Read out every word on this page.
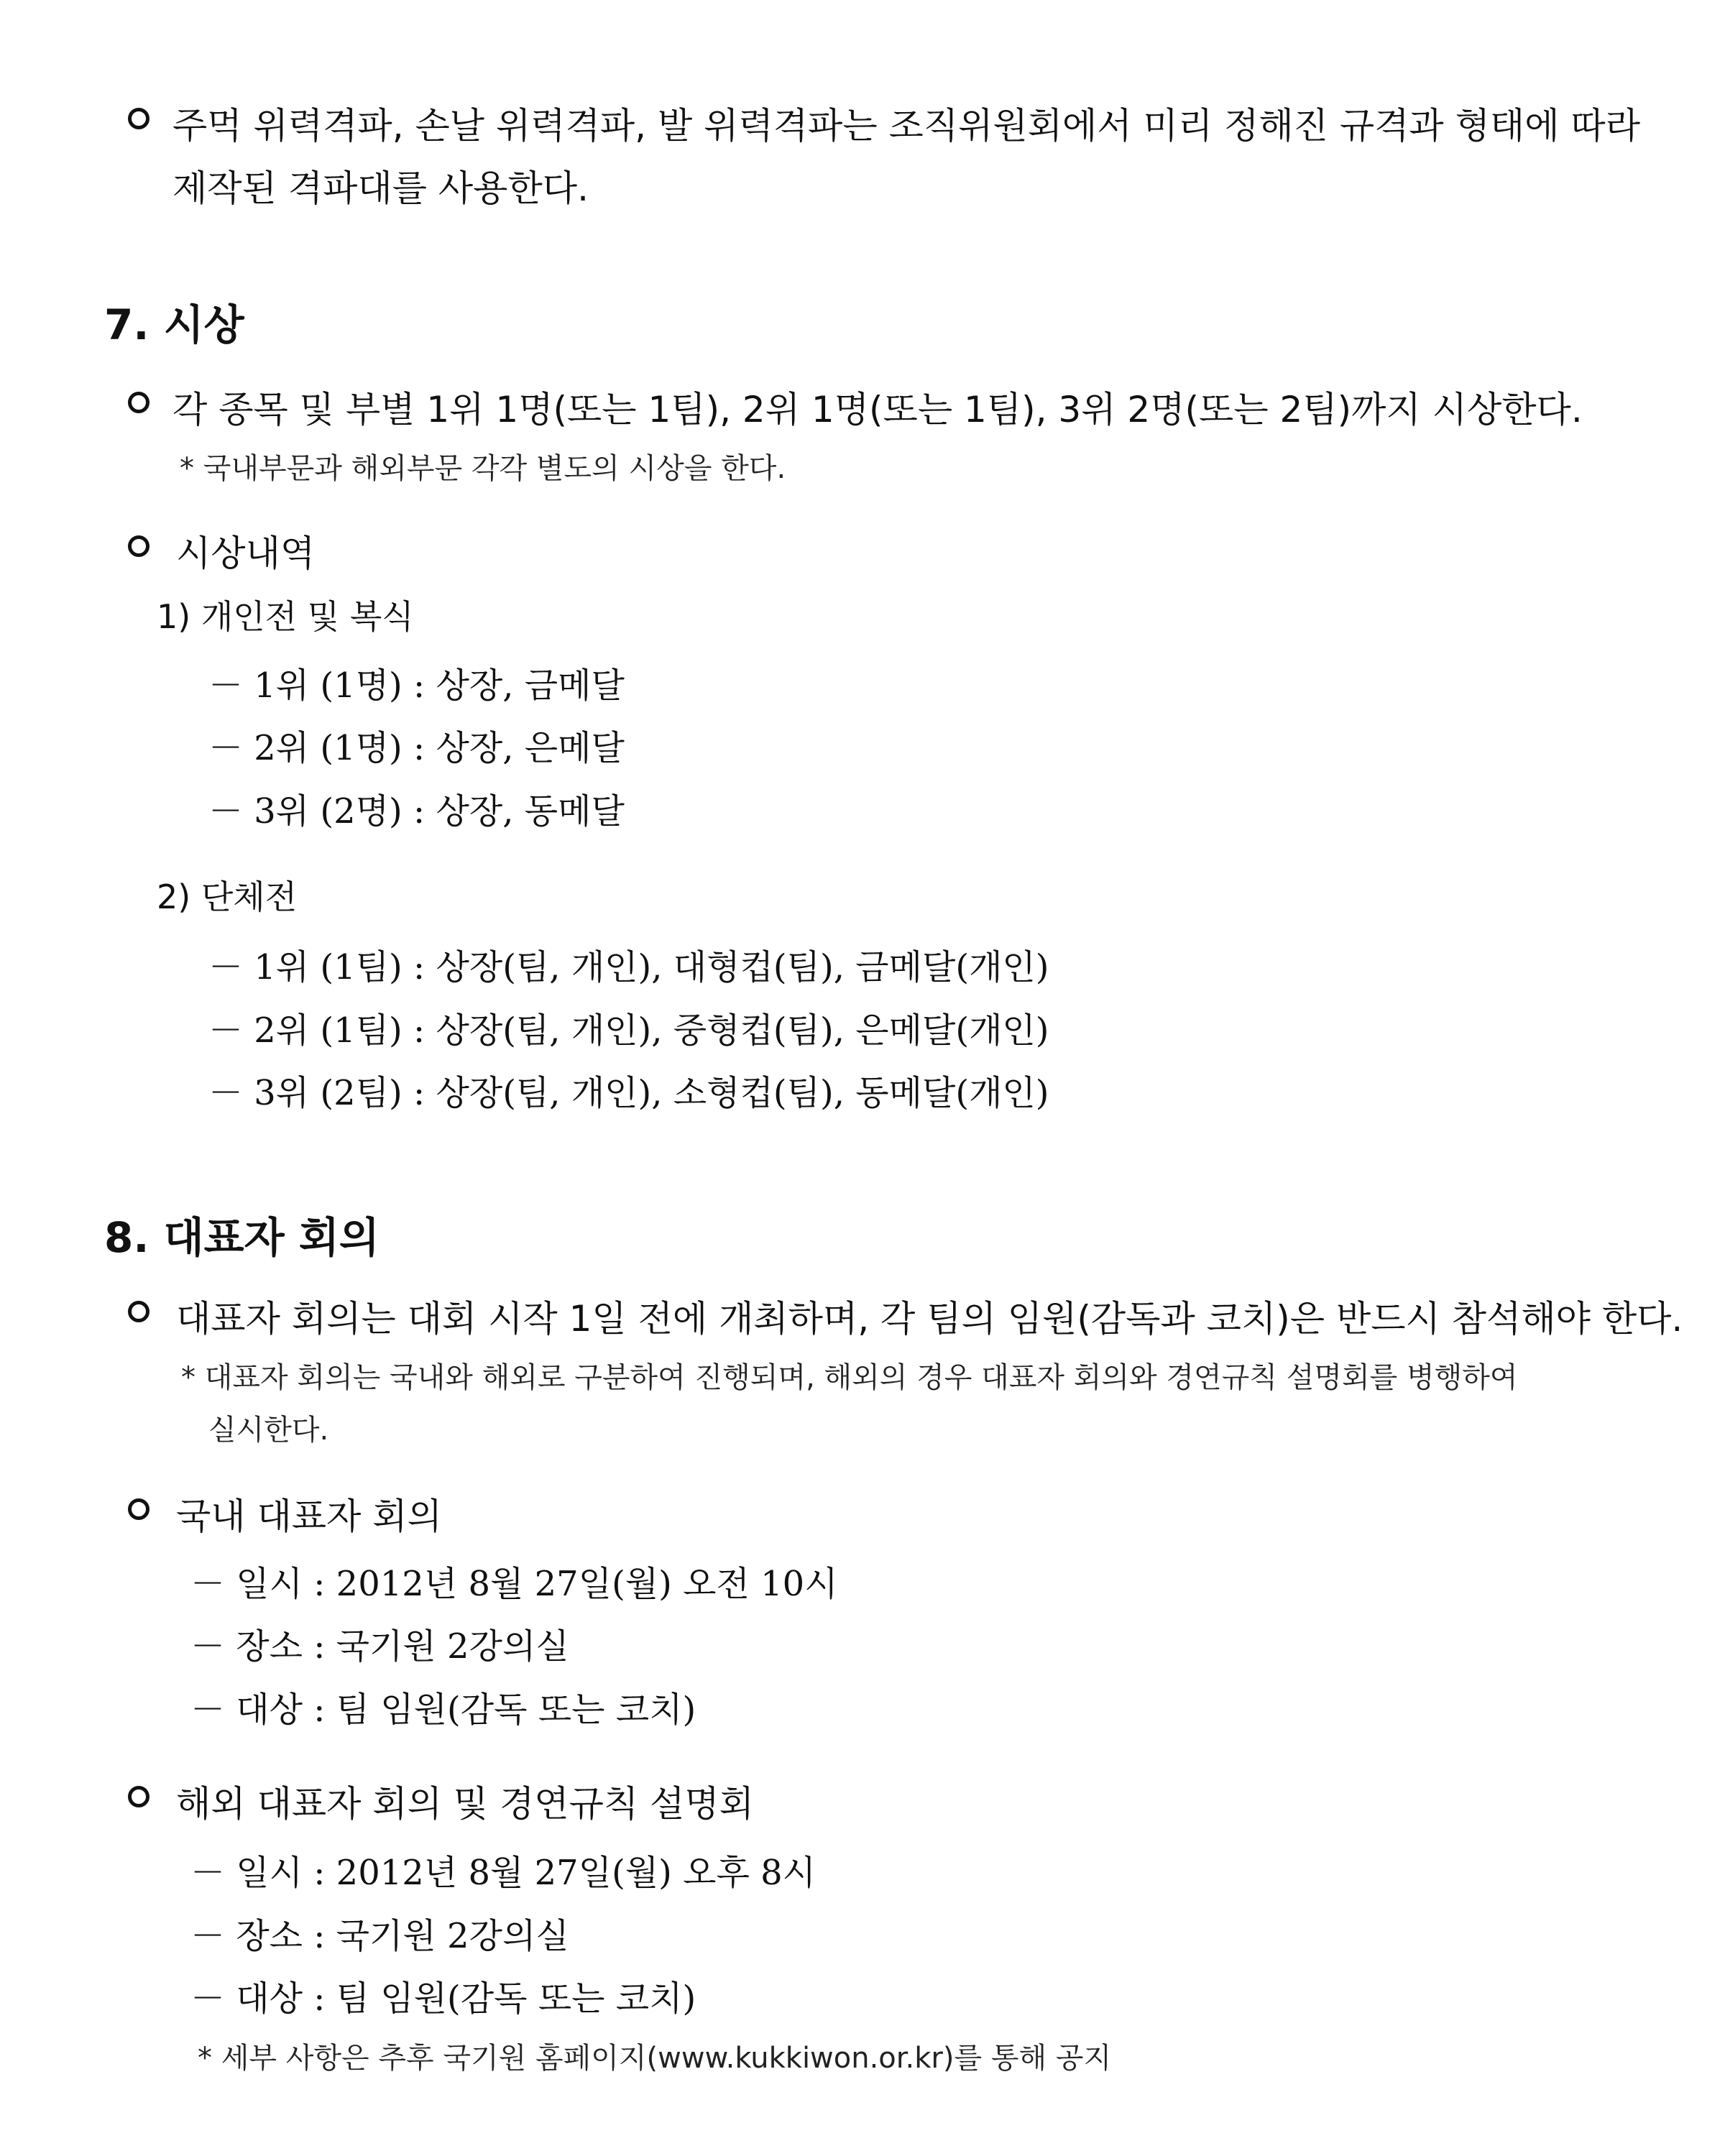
주먹 위력격파, 손날 위력격파, 발 위력격파는 조직위원회에서 미리 정해진 규격과 형태에 따라
제작된 격파대를 사용한다.
7. 시상
각 종목 및 부별 1위 1명(또는 1팀), 2위 1명(또는 1팀), 3위 2명(또는 2팀)까지 시상한다.
* 국내부문과 해외부문 각각 별도의 시상을 한다.
시상내역
1) 개인전 및 복식
－ 1위 (1명) : 상장, 금메달
－ 2위 (1명) : 상장, 은메달
－ 3위 (2명) : 상장, 동메달
2) 단체전
－ 1위 (1팀) : 상장(팀, 개인), 대형컵(팀), 금메달(개인)
－ 2위 (1팀) : 상장(팀, 개인), 중형컵(팀), 은메달(개인)
－ 3위 (2팀) : 상장(팀, 개인), 소형컵(팀), 동메달(개인)
8. 대표자 회의
대표자 회의는 대회 시작 1일 전에 개최하며, 각 팀의 임원(감독과 코치)은 반드시 참석해야 한다.
* 대표자 회의는 국내와 해외로 구분하여 진행되며, 해외의 경우 대표자 회의와 경연규칙 설명회를 병행하여
실시한다.
국내 대표자 회의
－ 일시 : 2012년 8월 27일(월) 오전 10시
－ 장소 : 국기원 2강의실
－ 대상 : 팀 임원(감독 또는 코치)
해외 대표자 회의 및 경연규칙 설명회
－ 일시 : 2012년 8월 27일(월) 오후 8시
－ 장소 : 국기원 2강의실
－ 대상 : 팀 임원(감독 또는 코치)
* 세부 사항은 추후 국기원 홈페이지(www.kukkiwon.or.kr)를 통해 공지
